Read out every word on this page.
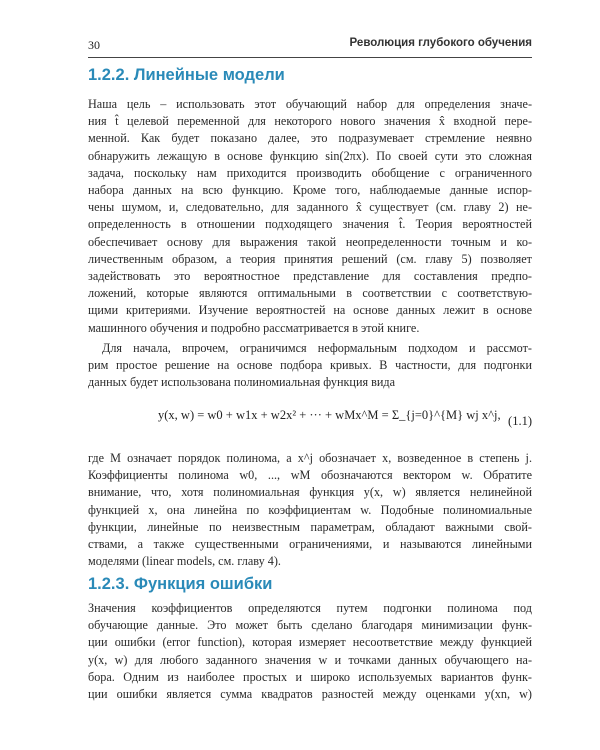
30	Революция глубокого обучения
1.2.2. Линейные модели
Наша цель – использовать этот обучающий набор для определения значе-
ния t̂ целевой переменной для некоторого нового значения x̂ входной пере-
менной. Как будет показано далее, это подразумевает стремление неявно
обнаружить лежащую в основе функцию sin(2πx). По своей сути это сложная
задача, поскольку нам приходится производить обобщение с ограниченного
набора данных на всю функцию. Кроме того, наблюдаемые данные испор-
чены шумом, и, следовательно, для заданного x̂ существует (см. главу 2) не-
определенность в отношении подходящего значения t̂. Теория вероятностей
обеспечивает основу для выражения такой неопределенности точным и ко-
личественным образом, а теория принятия решений (см. главу 5) позволяет
задействовать это вероятностное представление для составления предпо-
ложений, которые являются оптимальными в соответствии с соответствую-
щими критериями. Изучение вероятностей на основе данных лежит в основе
машинного обучения и подробно рассматривается в этой книге.
Для начала, впрочем, ограничимся неформальным подходом и рассмот-
рим простое решение на основе подбора кривых. В частности, для подгонки
данных будет использована полиномиальная функция вида
y(x, w) = w0 + w1x + w2x² + ··· + wMx^M = Σ_{j=0}^{M} wj x^j, (1.1)
где M означает порядок полинома, а x^j обозначает x, возведенное в степень j.
Коэффициенты полинома w0, ..., wM обозначаются вектором w. Обратите
внимание, что, хотя полиномиальная функция y(x, w) является нелинейной
функцией x, она линейна по коэффициентам w. Подобные полиномиальные
функции, линейные по неизвестным параметрам, обладают важными свой-
ствами, а также существенными ограничениями, и называются линейными
моделями (linear models, см. главу 4).
1.2.3. Функция ошибки
Значения коэффициентов определяются путем подгонки полинома под
обучающие данные. Это может быть сделано благодаря минимизации функ-
ции ошибки (error function), которая измеряет несоответствие между функцией
y(x, w) для любого заданного значения w и точками данных обучающего на-
бора. Одним из наиболее простых и широко используемых вариантов функ-
ции ошибки является сумма квадратов разностей между оценками y(xn, w)
